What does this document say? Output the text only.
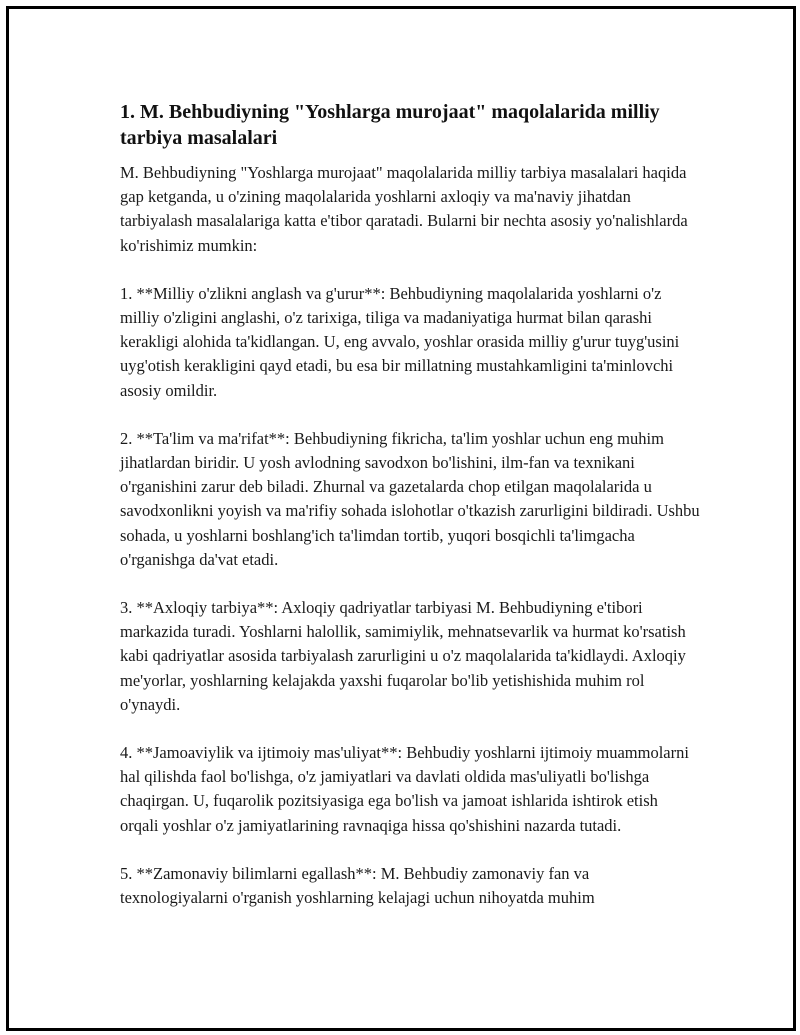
1. M. Behbudiyning "Yoshlarga murojaat" maqolalarida milliy tarbiya masalalari

M. Behbudiyning "Yoshlarga murojaat" maqolalarida milliy tarbiya masalalari haqida gap ketganda, u o'zining maqolalarida yoshlarni axloqiy va ma'naviy jihatdan tarbiyalash masalalariga katta e'tibor qaratadi. Bularni bir nechta asosiy yo'nalishlarda ko'rishimiz mumkin:

1. **Milliy o'zlikni anglash va g'urur**: Behbudiyning maqolalarida yoshlarni o'z milliy o'zligini anglashi, o'z tarixiga, tiliga va madaniyatiga hurmat bilan qarashi kerakligi alohida ta'kidlangan. U, eng avvalo, yoshlar orasida milliy g'urur tuyg'usini uyg'otish kerakligini qayd etadi, bu esa bir millatning mustahkamligini ta'minlovchi asosiy omildir.

2. **Ta'lim va ma'rifat**: Behbudiyning fikricha, ta'lim yoshlar uchun eng muhim jihatlardan biridir. U yosh avlodning savodxon bo'lishini, ilm-fan va texnikani o'rganishini zarur deb biladi. Zhurnal va gazetalarda chop etilgan maqolalarida u savodxonlikni yoyish va ma'rifiy sohada islohotlar o'tkazish zarurligini bildiradi. Ushbu sohada, u yoshlarni boshlang'ich ta'limdan tortib, yuqori bosqichli ta'limgacha o'rganishga da'vat etadi.

3. **Axloqiy tarbiya**: Axloqiy qadriyatlar tarbiyasi M. Behbudiyning e'tibori markazida turadi. Yoshlarni halollik, samimiylik, mehnatsevarlik va hurmat ko'rsatish kabi qadriyatlar asosida tarbiyalash zarurligini u o'z maqolalarida ta'kidlaydi. Axloqiy me'yorlar, yoshlarning kelajakda yaxshi fuqarolar bo'lib yetishishida muhim rol o'ynaydi.

4. **Jamoaviylik va ijtimoiy mas'uliyat**: Behbudiy yoshlarni ijtimoiy muammolarni hal qilishda faol bo'lishga, o'z jamiyatlari va davlati oldida mas'uliyatli bo'lishga chaqirgan. U, fuqarolik pozitsiyasiga ega bo'lish va jamoat ishlarida ishtirok etish orqali yoshlar o'z jamiyatlarining ravnaqiga hissa qo'shishini nazarda tutadi.

5. **Zamonaviy bilimlarni egallash**: M. Behbudiy zamonaviy fan va texnologiyalarni o'rganish yoshlarning kelajagi uchun nihoyatda muhim
